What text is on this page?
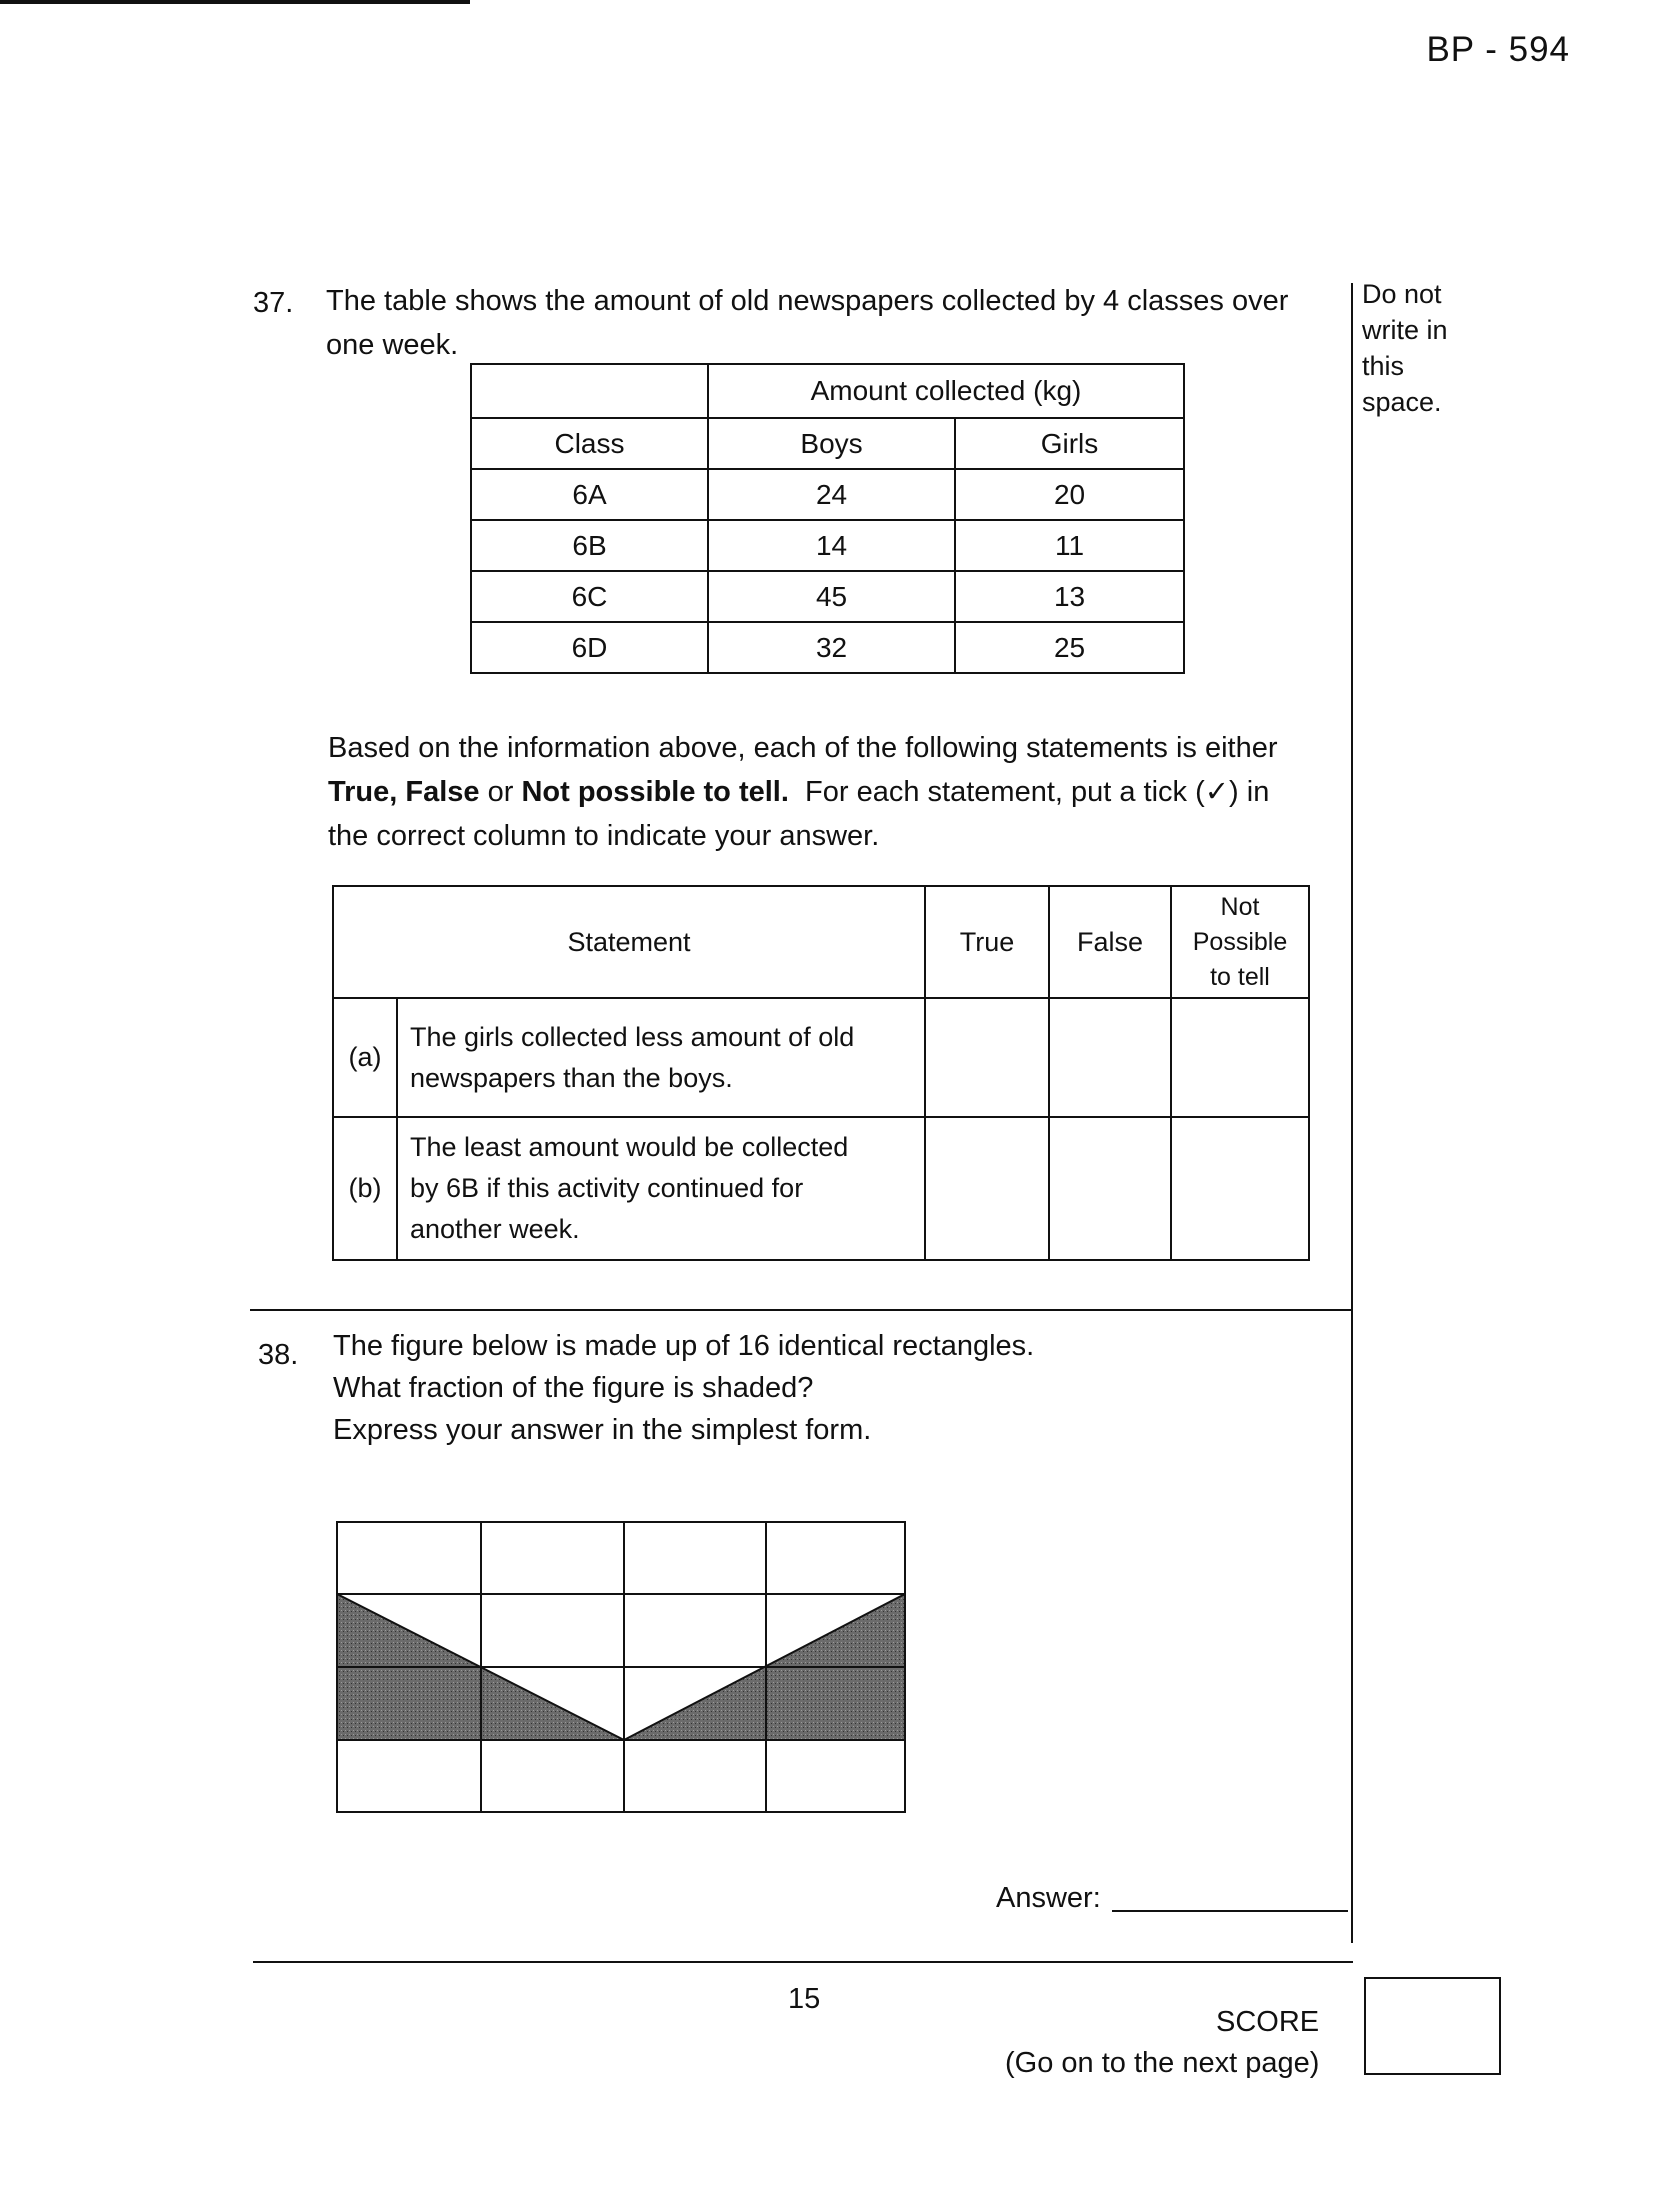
BP - 594
Do not
write in
this
space.
37. The table shows the amount of old newspapers collected by 4 classes over
one week.
	Amount collected (kg)	
Class	Boys	Girls
6A	24	20
6B	14	11
6C	45	13
6D	32	25
Based on the information above, each of the following statements is either
True, False or Not possible to tell.  For each statement, put a tick (✓) in
the correct column to indicate your answer.
Statement		True	False	Not
Possible
to tell

(a)	The girls collected less amount of old
newspapers than the boys.			

(b)	The least amount would be collected
by 6B if this activity continued for
another week.			

38. The figure below is made up of 16 identical rectangles.
What fraction of the figure is shaded?
Express your answer in the simplest form.
Answer:
15
SCORE
(Go on to the next page)
